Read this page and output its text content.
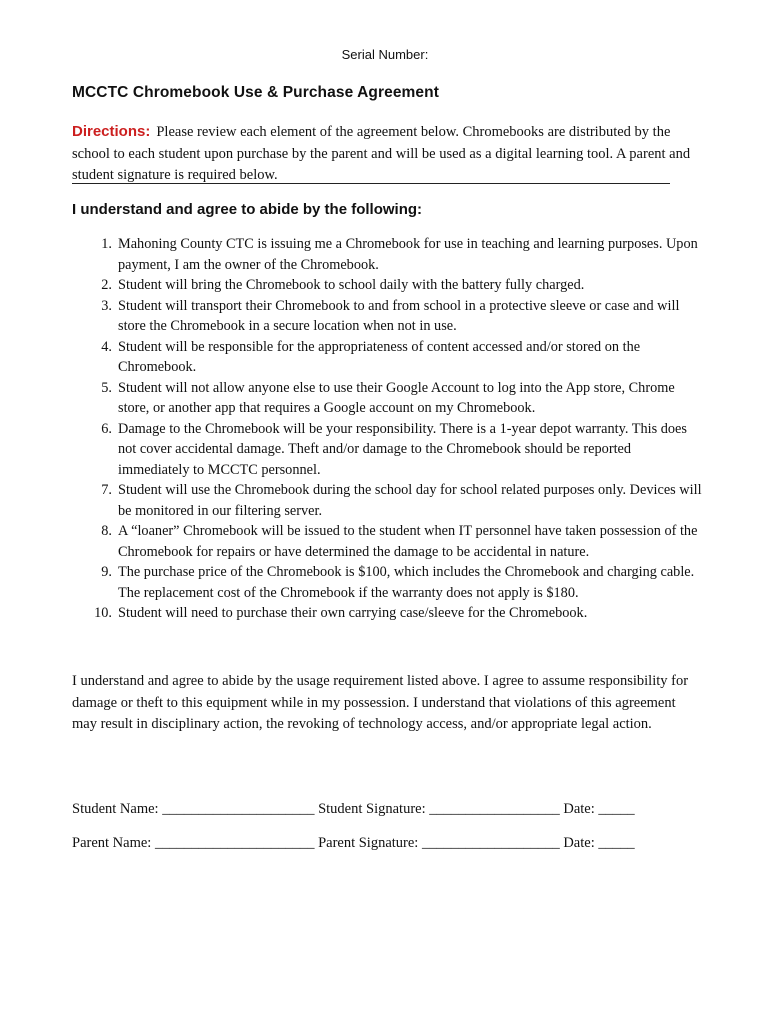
Serial Number:
MCCTC Chromebook Use & Purchase Agreement
Directions: Please review each element of the agreement below. Chromebooks are distributed by the school to each student upon purchase by the parent and will be used as a digital learning tool. A parent and student signature is required below.
I understand and agree to abide by the following:
1. Mahoning County CTC is issuing me a Chromebook for use in teaching and learning purposes. Upon payment, I am the owner of the Chromebook.
2. Student will bring the Chromebook to school daily with the battery fully charged.
3. Student will transport their Chromebook to and from school in a protective sleeve or case and will store the Chromebook in a secure location when not in use.
4. Student will be responsible for the appropriateness of content accessed and/or stored on the Chromebook.
5. Student will not allow anyone else to use their Google Account to log into the App store, Chrome store, or another app that requires a Google account on my Chromebook.
6. Damage to the Chromebook will be your responsibility. There is a 1-year depot warranty. This does not cover accidental damage. Theft and/or damage to the Chromebook should be reported immediately to MCCTC personnel.
7. Student will use the Chromebook during the school day for school related purposes only. Devices will be monitored in our filtering server.
8. A “loaner” Chromebook will be issued to the student when IT personnel have taken possession of the Chromebook for repairs or have determined the damage to be accidental in nature.
9. The purchase price of the Chromebook is $100, which includes the Chromebook and charging cable. The replacement cost of the Chromebook if the warranty does not apply is $180.
10. Student will need to purchase their own carrying case/sleeve for the Chromebook.
I understand and agree to abide by the usage requirement listed above. I agree to assume responsibility for damage or theft to this equipment while in my possession. I understand that violations of this agreement may result in disciplinary action, the revoking of technology access, and/or appropriate legal action.
Student Name: _____________________ Student Signature: __________________ Date: _____
Parent Name: ______________________ Parent Signature: ___________________ Date: _____
